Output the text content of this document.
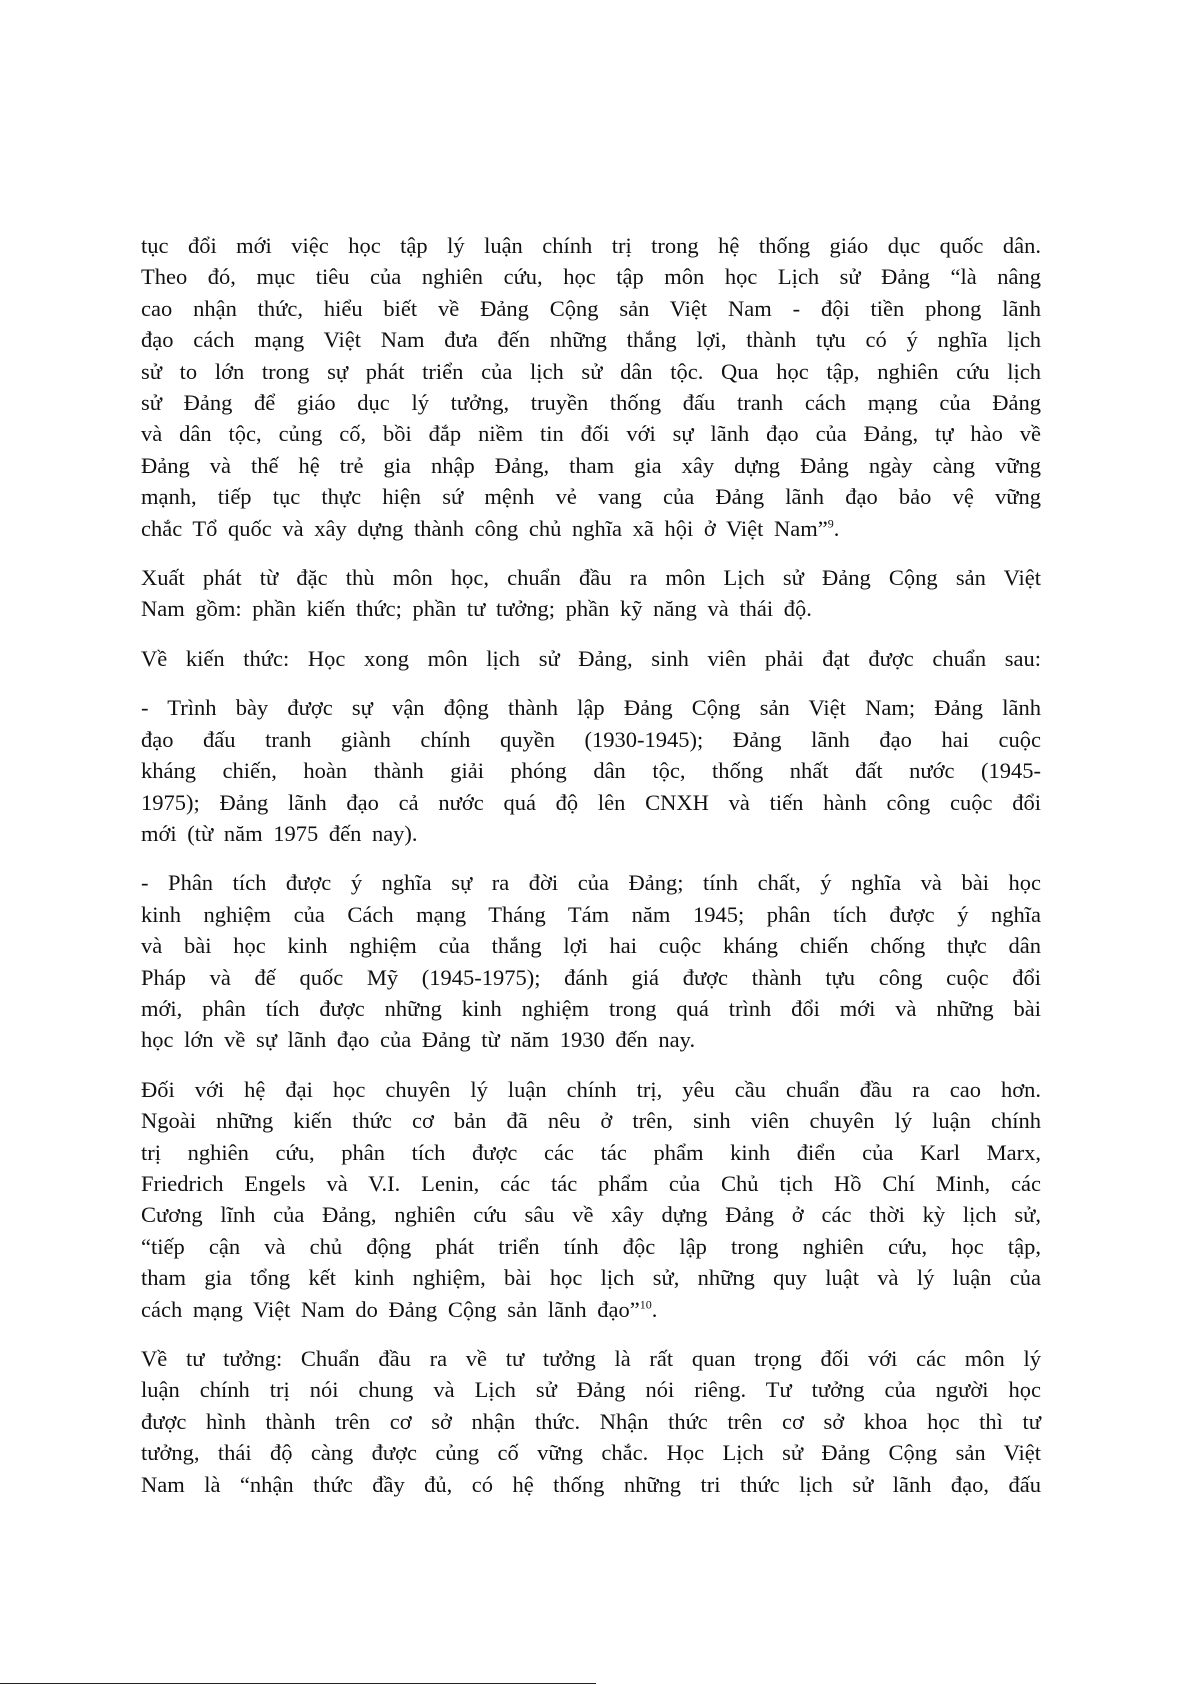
tục đổi mới việc học tập lý luận chính trị trong hệ thống giáo dục quốc dân.
Theo đó, mục tiêu của nghiên cứu, học tập môn học Lịch sử Đảng “là nâng
cao nhận thức, hiểu biết về Đảng Cộng sản Việt Nam - đội tiền phong lãnh
đạo cách mạng Việt Nam đưa đến những thắng lợi, thành tựu có ý nghĩa lịch
sử to lớn trong sự phát triển của lịch sử dân tộc. Qua học tập, nghiên cứu lịch
sử Đảng để giáo dục lý tưởng, truyền thống đấu tranh cách mạng của Đảng
và dân tộc, củng cố, bồi đắp niềm tin đối với sự lãnh đạo của Đảng, tự hào về
Đảng và thế hệ trẻ gia nhập Đảng, tham gia xây dựng Đảng ngày càng vững
mạnh, tiếp tục thực hiện sứ mệnh vẻ vang của Đảng lãnh đạo bảo vệ vững
chắc Tổ quốc và xây dựng thành công chủ nghĩa xã hội ở Việt Nam”$^9$.
Xuất phát từ đặc thù môn học, chuẩn đầu ra môn Lịch sử Đảng Cộng sản Việt
Nam gồm: phần kiến thức; phần tư tưởng; phần kỹ năng và thái độ.
Về kiến thức: Học xong môn lịch sử Đảng, sinh viên phải đạt được chuẩn sau:
- Trình bày được sự vận động thành lập Đảng Cộng sản Việt Nam; Đảng lãnh
đạo đấu tranh giành chính quyền (1930-1945); Đảng lãnh đạo hai cuộc
kháng chiến, hoàn thành giải phóng dân tộc, thống nhất đất nước (1945-
1975); Đảng lãnh đạo cả nước quá độ lên CNXH và tiến hành công cuộc đổi
mới (từ năm 1975 đến nay).
- Phân tích được ý nghĩa sự ra đời của Đảng; tính chất, ý nghĩa và bài học
kinh nghiệm của Cách mạng Tháng Tám năm 1945; phân tích được ý nghĩa
và bài học kinh nghiệm của thắng lợi hai cuộc kháng chiến chống thực dân
Pháp và đế quốc Mỹ (1945-1975); đánh giá được thành tựu công cuộc đổi
mới, phân tích được những kinh nghiệm trong quá trình đổi mới và những bài
học lớn về sự lãnh đạo của Đảng từ năm 1930 đến nay.
Đối với hệ đại học chuyên lý luận chính trị, yêu cầu chuẩn đầu ra cao hơn.
Ngoài những kiến thức cơ bản đã nêu ở trên, sinh viên chuyên lý luận chính
trị nghiên cứu, phân tích được các tác phẩm kinh điển của Karl Marx,
Friedrich Engels và V.I. Lenin, các tác phẩm của Chủ tịch Hồ Chí Minh, các
Cương lĩnh của Đảng, nghiên cứu sâu về xây dựng Đảng ở các thời kỳ lịch sử,
“tiếp cận và chủ động phát triển tính độc lập trong nghiên cứu, học tập,
tham gia tổng kết kinh nghiệm, bài học lịch sử, những quy luật và lý luận của
cách mạng Việt Nam do Đảng Cộng sản lãnh đạo”$^{10}$.
Về tư tưởng: Chuẩn đầu ra về tư tưởng là rất quan trọng đối với các môn lý
luận chính trị nói chung và Lịch sử Đảng nói riêng. Tư tưởng của người học
được hình thành trên cơ sở nhận thức. Nhận thức trên cơ sở khoa học thì tư
tưởng, thái độ càng được củng cố vững chắc. Học Lịch sử Đảng Cộng sản Việt
Nam là “nhận thức đầy đủ, có hệ thống những tri thức lịch sử lãnh đạo, đấu
